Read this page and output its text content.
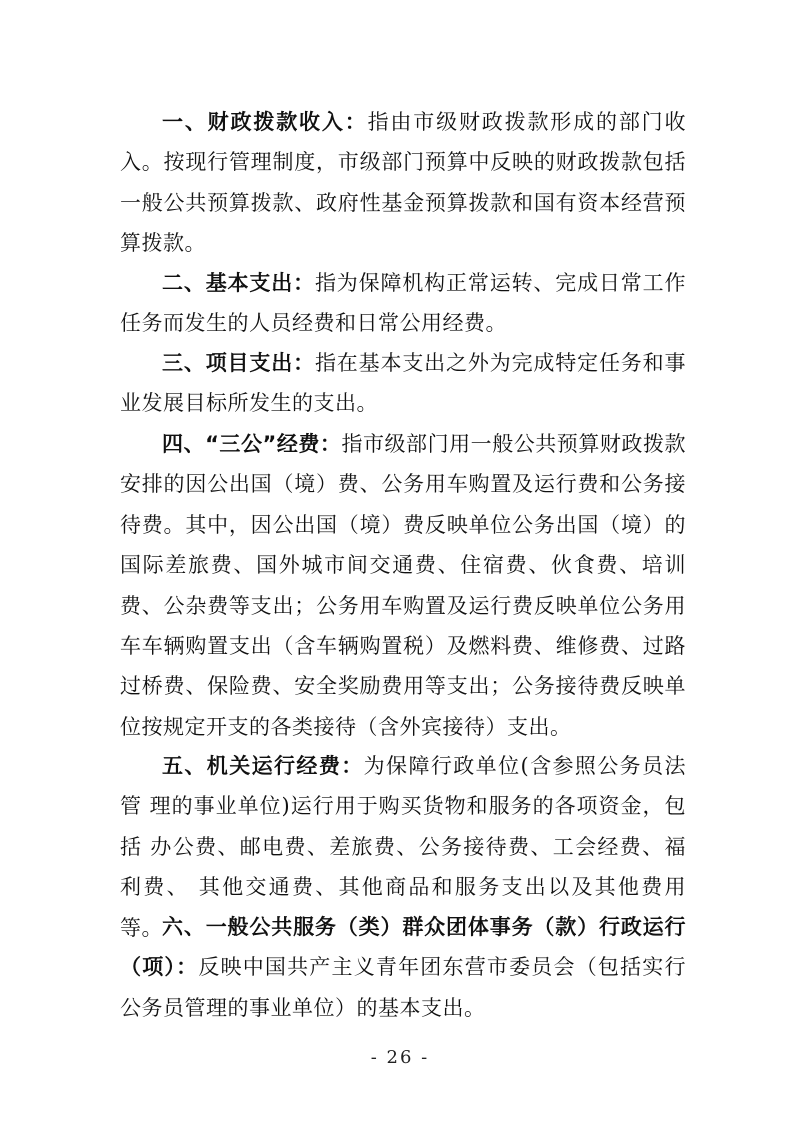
一、财政拨款收入：指由市级财政拨款形成的部门收入。按现行管理制度，市级部门预算中反映的财政拨款包括一般公共预算拨款、政府性基金预算拨款和国有资本经营预算拨款。

二、基本支出：指为保障机构正常运转、完成日常工作任务而发生的人员经费和日常公用经费。

三、项目支出：指在基本支出之外为完成特定任务和事业发展目标所发生的支出。

四、“三公”经费：指市级部门用一般公共预算财政拨款安排的因公出国（境）费、公务用车购置及运行费和公务接待费。其中，因公出国（境）费反映单位公务出国（境）的国际差旅费、国外城市间交通费、住宿费、伙食费、培训费、公杂费等支出；公务用车购置及运行费反映单位公务用车车辆购置支出（含车辆购置税）及燃料费、维修费、过路过桥费、保险费、安全奖励费用等支出；公务接待费反映单位按规定开支的各类接待（含外宾接待）支出。

五、机关运行经费：为保障行政单位(含参照公务员法管 理的事业单位)运行用于购买货物和服务的各项资金，包括 办公费、邮电费、差旅费、公务接待费、工会经费、福利费、 其他交通费、其他商品和服务支出以及其他费用等。 六、一般公共服务（类）群众团体事务（款）行政运行（项）：反映中国共产主义青年团东营市委员会（包括实行公务员管理的事业单位）的基本支出。

- 26 -
